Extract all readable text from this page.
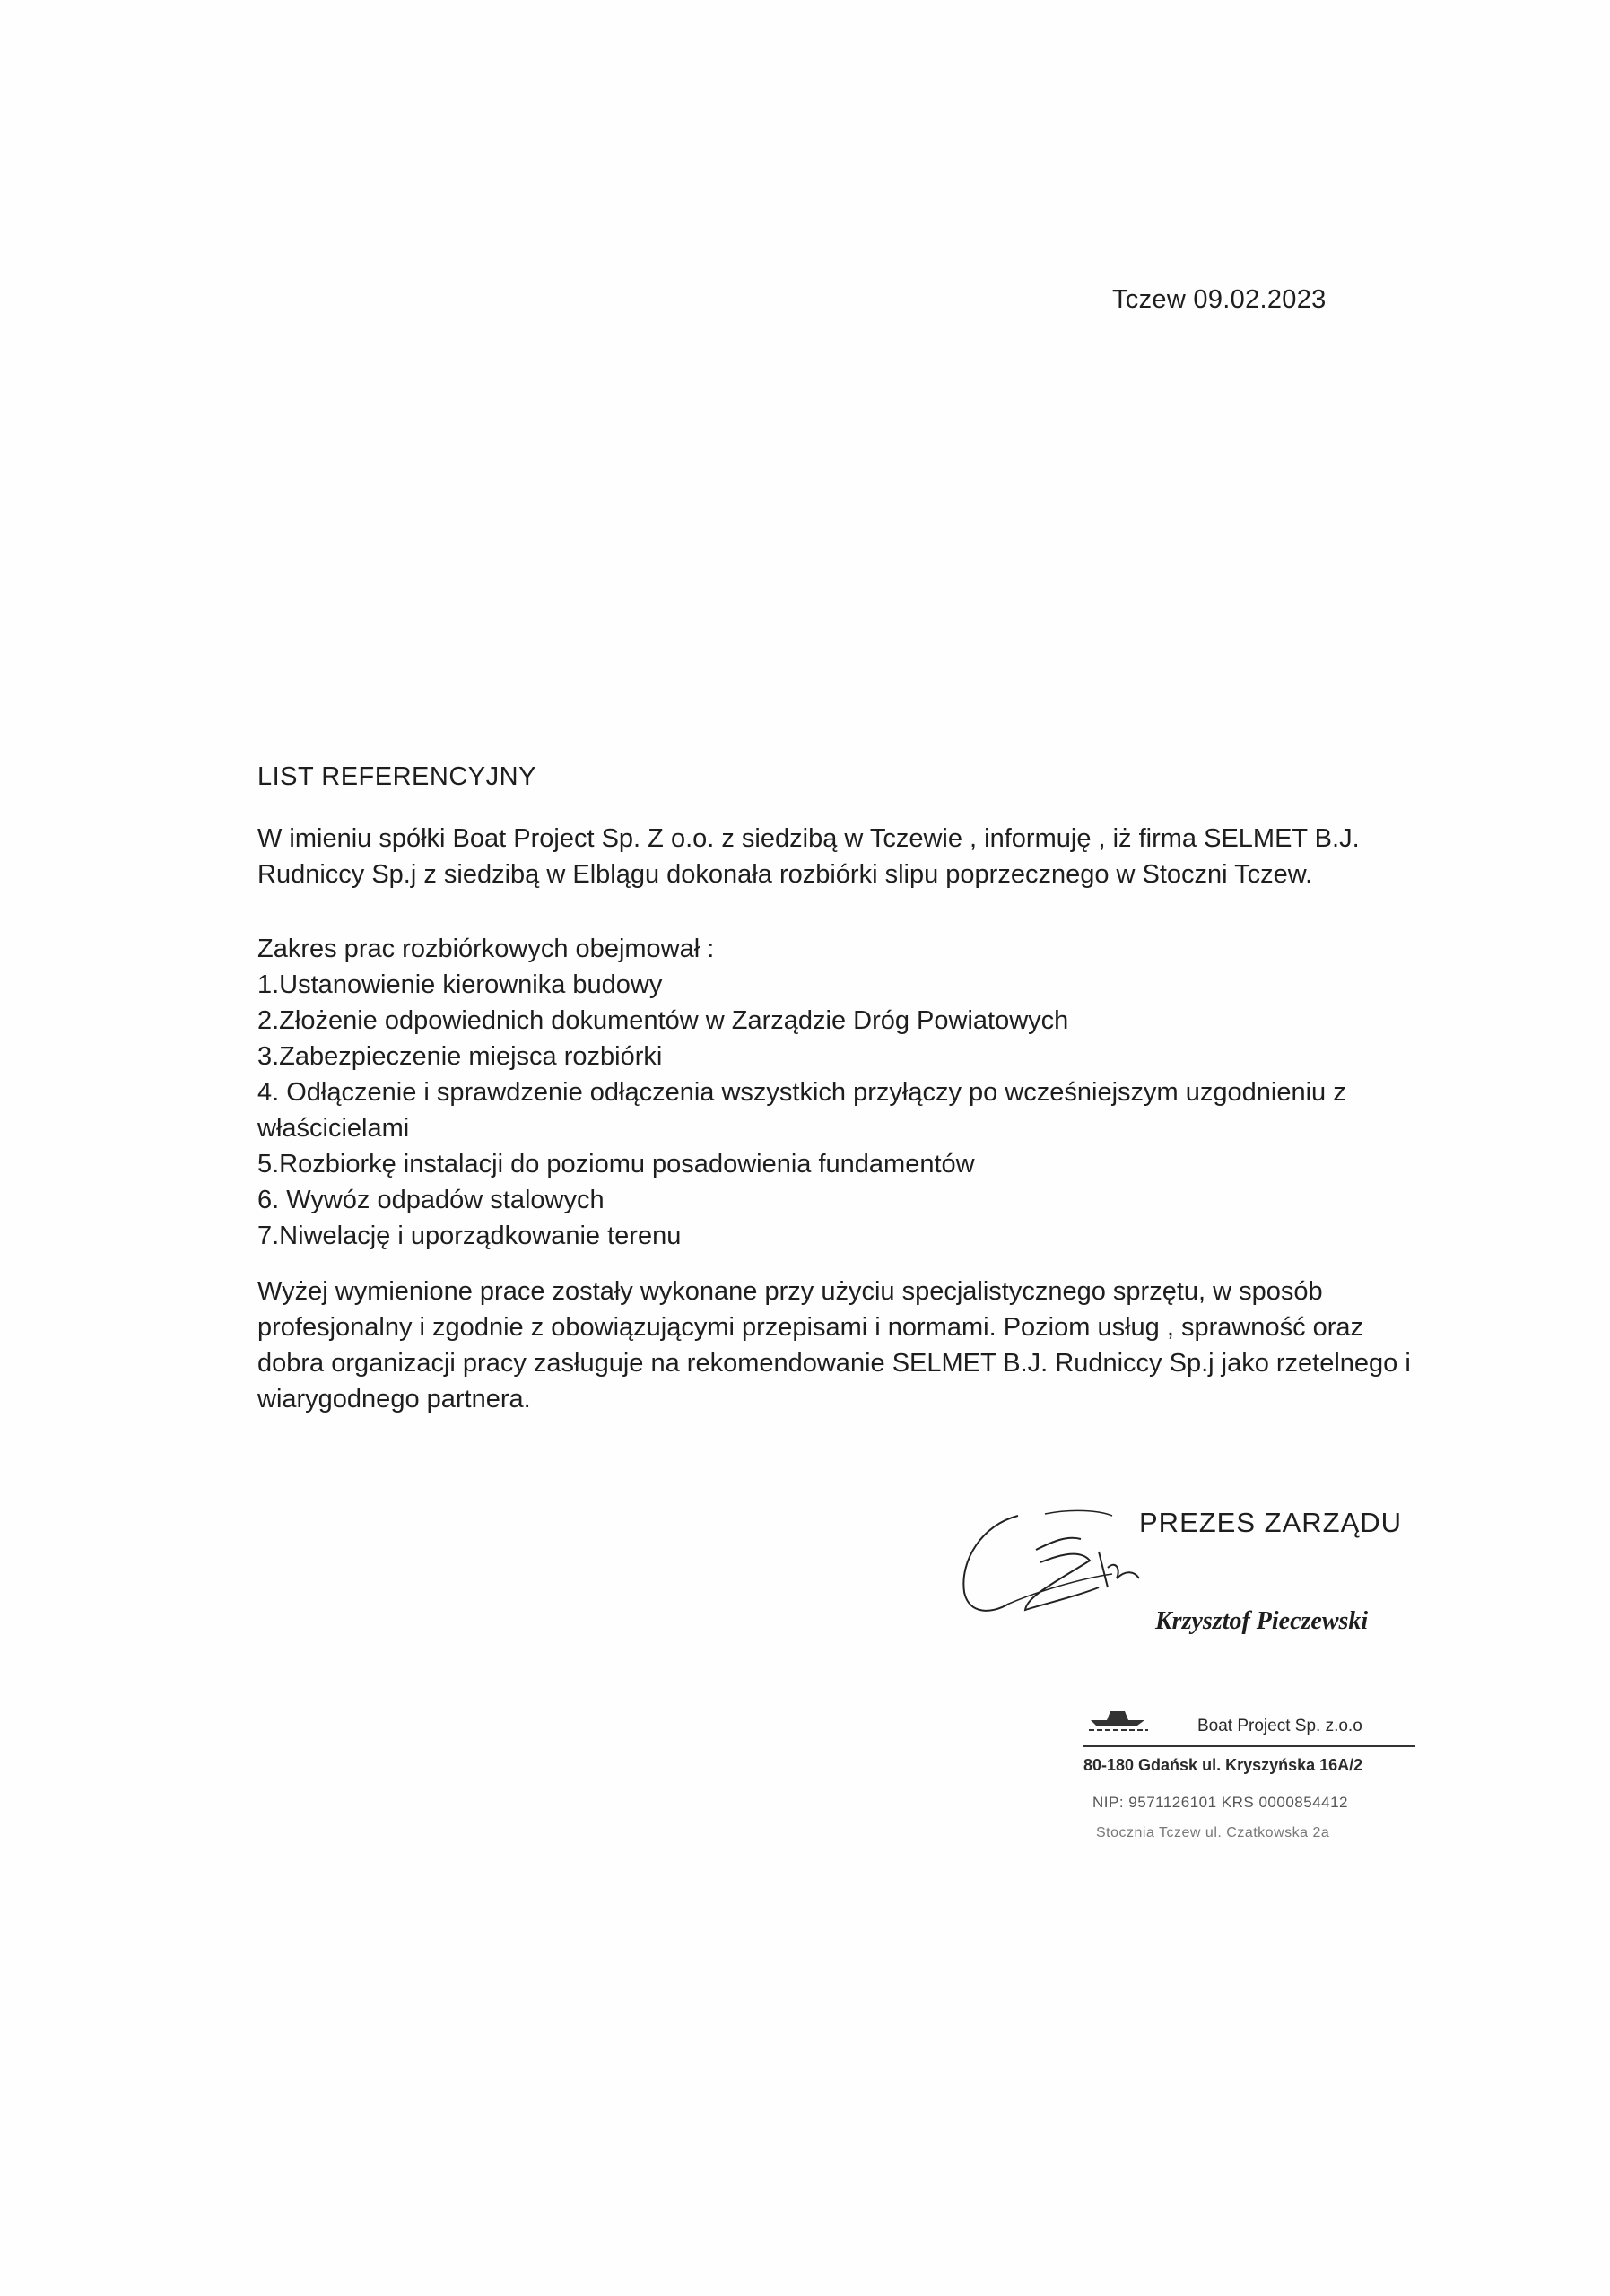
Tczew 09.02.2023
LIST REFERENCYJNY

W imieniu spółki Boat Project Sp. Z o.o. z siedzibą w Tczewie , informuję , iż firma SELMET B.J.

Rudniccy Sp.j z siedzibą w Elblągu dokonała rozbiórki slipu poprzecznego w Stoczni Tczew.

Zakres prac rozbiórkowych obejmował :

1.Ustanowienie kierownika budowy

2.Złożenie odpowiednich dokumentów w Zarządzie Dróg Powiatowych

3.Zabezpieczenie miejsca rozbiórki

4. Odłączenie i sprawdzenie odłączenia wszystkich przyłączy po wcześniejszym uzgodnieniu z

właścicielami

5.Rozbiorkę instalacji do poziomu posadowienia fundamentów

6. Wywóz odpadów stalowych

7.Niwelację i uporządkowanie terenu

Wyżej wymienione prace zostały wykonane przy użyciu specjalistycznego sprzętu, w sposób

profesjonalny i zgodnie z obowiązującymi przepisami i normami. Poziom usług , sprawność oraz

dobra organizacji pracy zasługuje na rekomendowanie SELMET B.J. Rudniccy Sp.j jako rzetelnego i

wiarygodnego partnera.

PREZES ZARZĄDU
Krzysztof Pieczewski
Boat Project Sp. z.o.o
80-180 Gdańsk ul. Kryszyńska 16A/2
NIP: 9571126101 KRS 0000854412
Stocznia Tczew ul. Czatkowska 2a
